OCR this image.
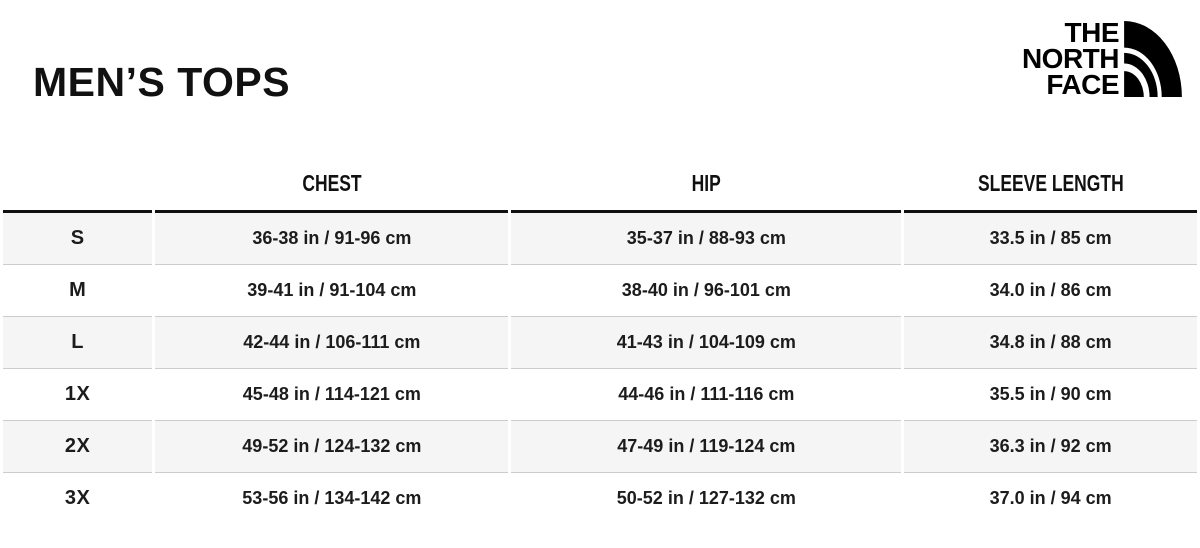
MEN’S TOPS
THE
NORTH
FACE
	CHEST	HIP	SLEEVE LENGTH
S	36-38 in / 91-96 cm	35-37 in / 88-93 cm	33.5 in / 85 cm
M	39-41 in / 91-104 cm	38-40 in / 96-101 cm	34.0 in / 86 cm
L	42-44 in / 106-111 cm	41-43 in / 104-109 cm	34.8 in / 88 cm
1X	45-48 in / 114-121 cm	44-46 in / 111-116 cm	35.5 in / 90 cm
2X	49-52 in / 124-132 cm	47-49 in / 119-124 cm	36.3 in / 92 cm
3X	53-56 in / 134-142 cm	50-52 in / 127-132 cm	37.0 in / 94 cm
